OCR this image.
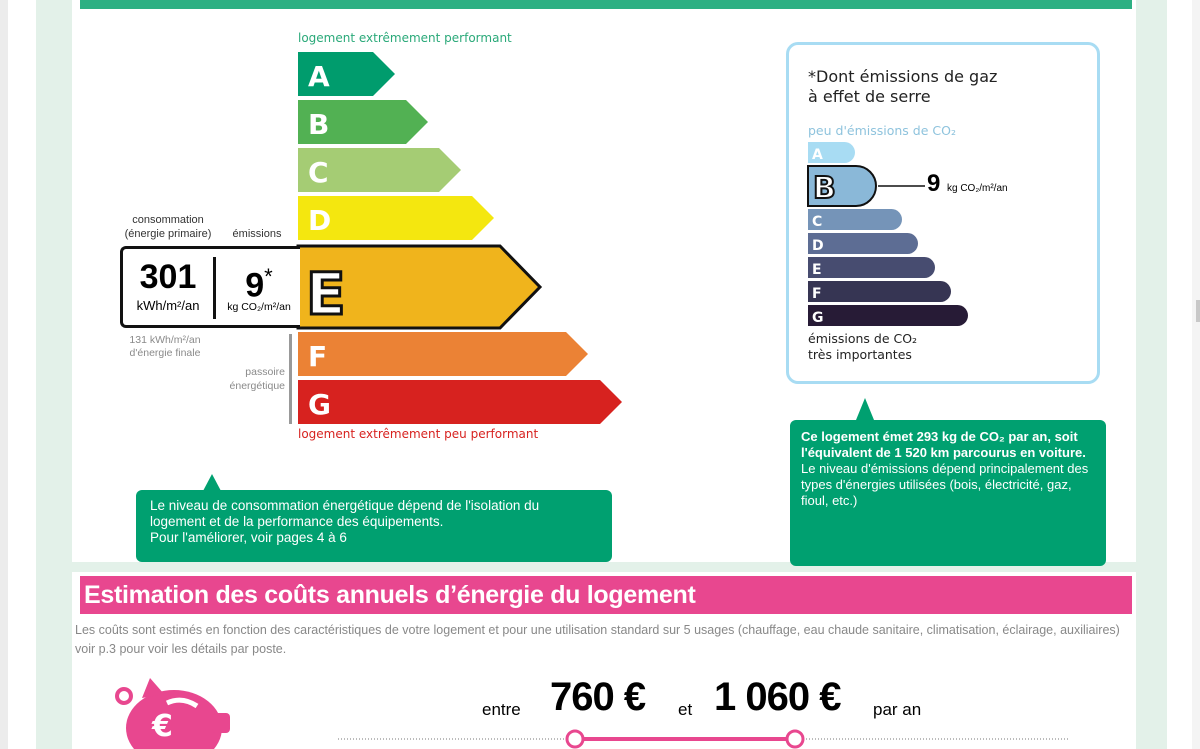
logement extrêmement performant
logement extrêmement peu performant
A
B
C
D
E
F
G
consommation
(énergie primaire)	émissions
301
kWh/m²/an
9*
kg CO₂/m²/an
131 kWh/m²/an
d'énergie finale
passoire
énergétique
Le niveau de consommation énergétique dépend de l'isolation du
logement et de la performance des équipements.
Pour l'améliorer, voir pages 4 à 6
*Dont émissions de gaz
à effet de serre
peu d'émissions de CO₂
émissions de CO₂
très importantes
A
B
C
D
E
F
G
9 kg CO₂/m²/an
Ce logement émet 293 kg de CO₂ par an, soit l'équivalent de 1 520 km parcourus en voiture.
Le niveau d'émissions dépend principalement des types d'énergies utilisées (bois, électricité, gaz, fioul, etc.)
Estimation des coûts annuels d’énergie du logement
Les coûts sont estimés en fonction des caractéristiques de votre logement et pour une utilisation standard sur 5 usages (chauffage, eau chaude sanitaire, climatisation, éclairage, auxiliaires) voir p.3 pour voir les détails par poste.
€	entre 760 € et 1 060 € par an
